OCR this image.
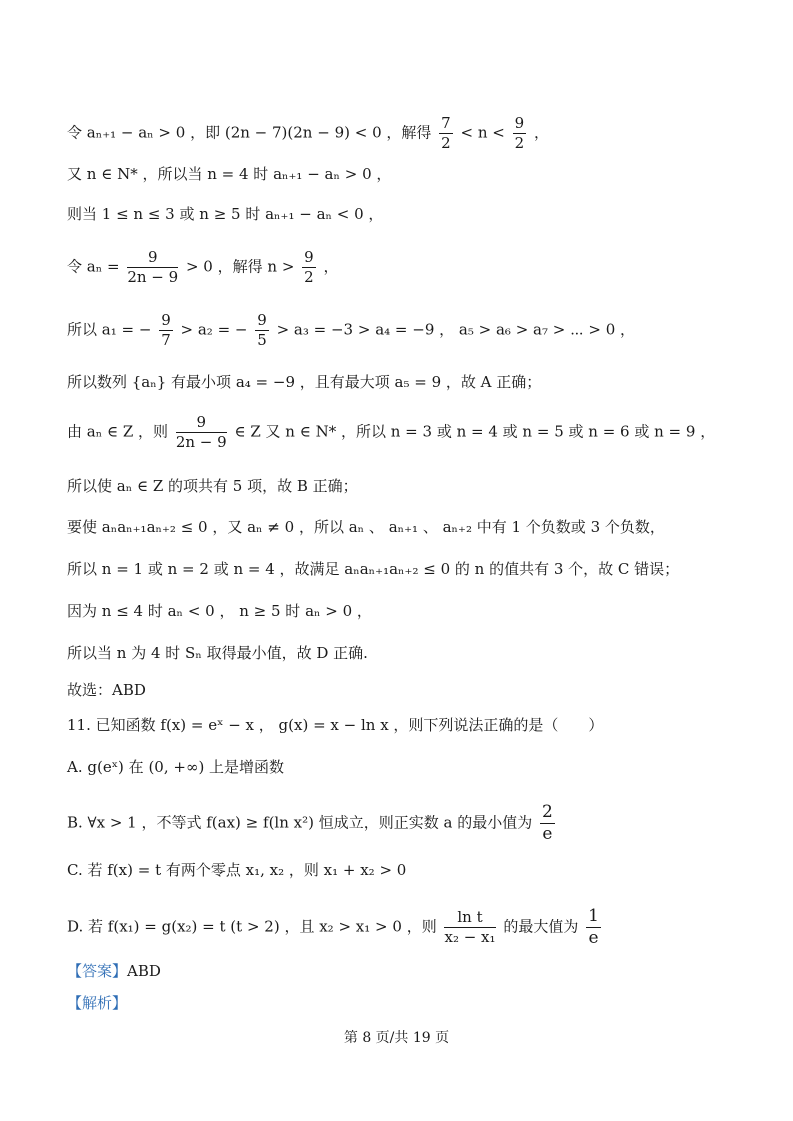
令 aₙ₊₁ − aₙ > 0 ，即 (2n − 7)(2n − 9) < 0 ，解得 $\frac{7}{2} < n < \frac{9}{2}$ ，
又 n ∈ N* ，所以当 n = 4 时 aₙ₊₁ − aₙ > 0 ，
则当 1 ≤ n ≤ 3 或 n ≥ 5 时 aₙ₊₁ − aₙ < 0 ，
令 $a_n = \frac{9}{2n - 9} > 0$ ，解得 $n > \frac{9}{2}$ ，
所以 a₁ = − $\frac{9}{7} > a_2$ = − $\frac{9}{5} > a_3 = -3 > a_4 = -9$ ， a₅ > a₆ > a₇ > ⋯ > 0 ，
所以数列 {aₙ} 有最小项 a₄ = −9 ，且有最大项 a₅ = 9 ，故 A 正确；
由 aₙ ∈ Z ，则 $\frac{9}{2n - 9}$ ∈ Z 又 n ∈ N* ，所以 n = 3 或 n = 4 或 n = 5 或 n = 6 或 n = 9 ，
所以使 aₙ ∈ Z 的项共有 5 项，故 B 正确；
要使 aₙaₙ₊₁aₙ₊₂ ≤ 0 ，又 aₙ ≠ 0 ，所以 aₙ 、 aₙ₊₁ 、 aₙ₊₂ 中有 1 个负数或 3 个负数，
所以 n = 1 或 n = 2 或 n = 4 ，故满足 aₙaₙ₊₁aₙ₊₂ ≤ 0 的 n 的值共有 3 个，故 C 错误；
因为 n ≤ 4 时 aₙ < 0 ， n ≥ 5 时 aₙ > 0 ，
所以当 n 为 4 时 Sₙ 取得最小值，故 D 正确.
故选：ABD
11. 已知函数 f(x) = eˣ − x ， g(x) = x − ln x ，则下列说法正确的是（　　）
A. g(eˣ) 在 (0, +∞) 上是增函数
B. ∀x > 1 ，不等式 f(ax) ≥ f(ln x²) 恒成立，则正实数 a 的最小值为 $\frac{2}{e}$
C. 若 f(x) = t 有两个零点 x₁, x₂ ，则 x₁ + x₂ > 0
D. 若 f(x₁) = g(x₂) = t (t > 2) ，且 x₂ > x₁ > 0 ，则 $\frac{\text{ln t}}{\text{x₂ − x₁}}$ 的最大值为 $\frac{1}{e}$
【答案】ABD
【解析】
第 8 页/共 19 页
